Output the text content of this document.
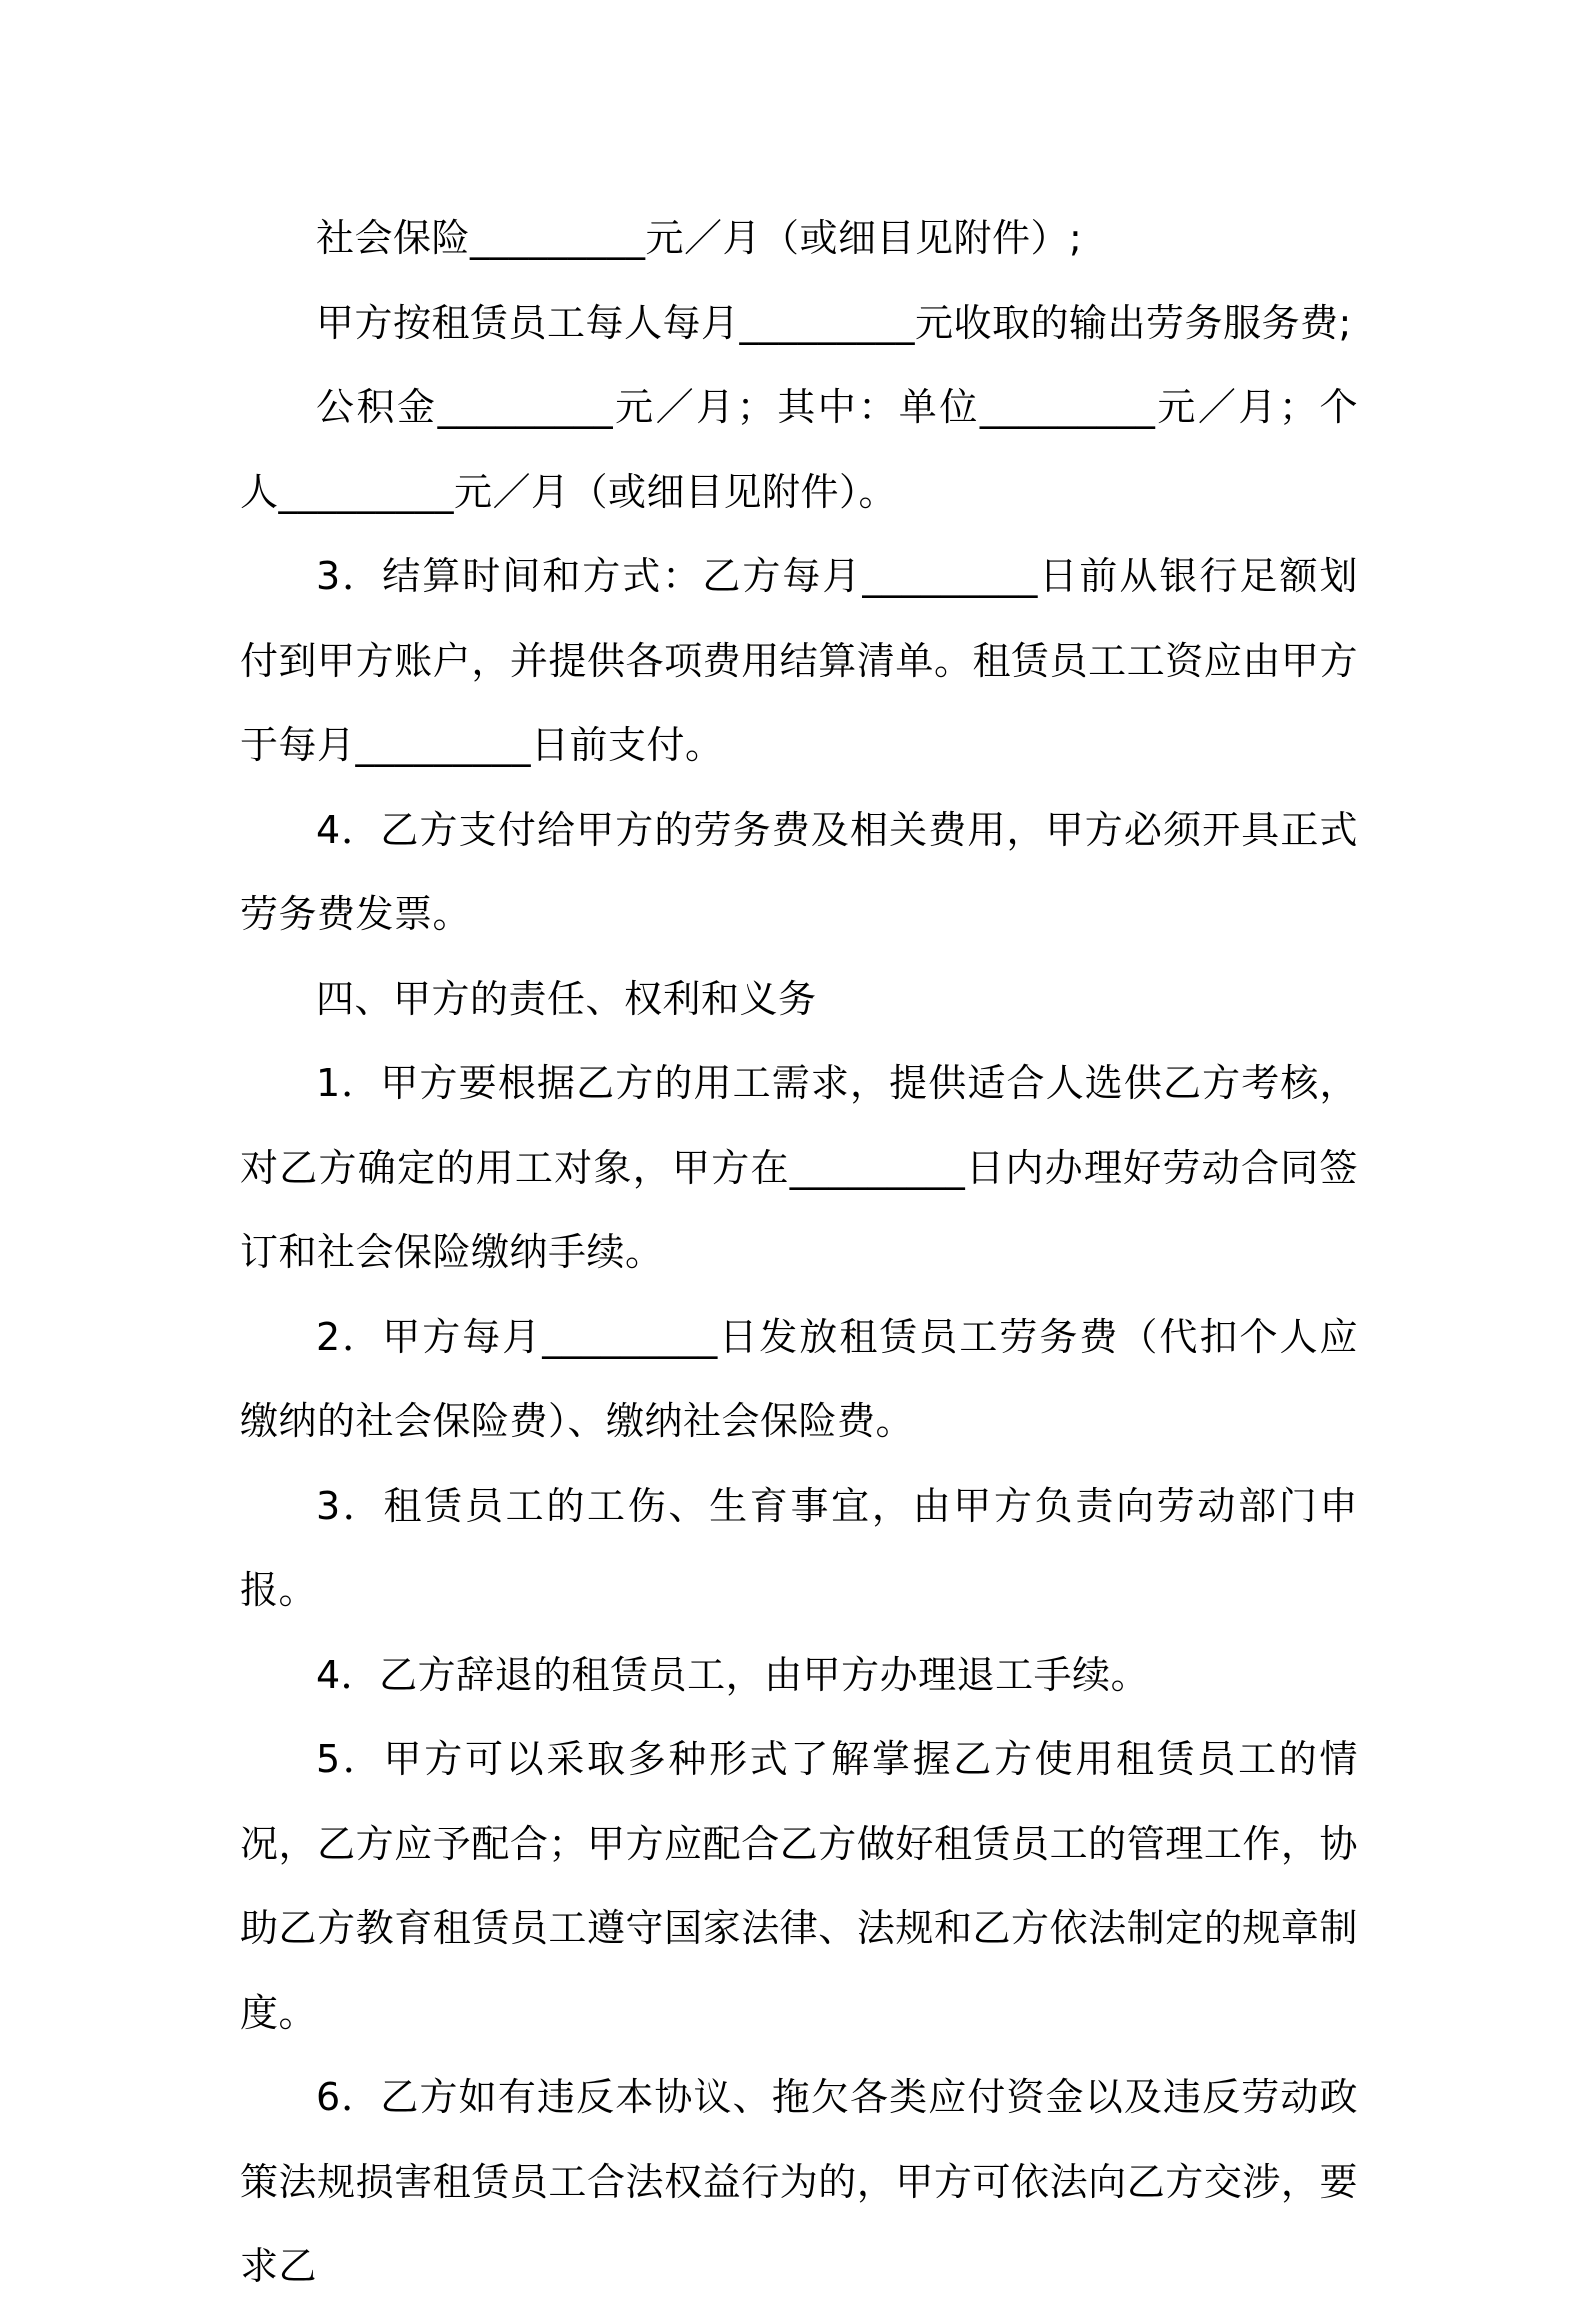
社会保险_________元／月（或细目见附件）;

甲方按租赁员工每人每月_________元收取的输出劳务服务费;

公积金_________元／月；其中：单位_________元／月；个人_________元／月（或细目见附件）。

3．结算时间和方式：乙方每月_________日前从银行足额划付到甲方账户，并提供各项费用结算清单。租赁员工工资应由甲方于每月_________日前支付。

4．乙方支付给甲方的劳务费及相关费用，甲方必须开具正式劳务费发票。

四、甲方的责任、权利和义务

1．甲方要根据乙方的用工需求，提供适合人选供乙方考核，对乙方确定的用工对象，甲方在_________日内办理好劳动合同签订和社会保险缴纳手续。

2．甲方每月_________日发放租赁员工劳务费（代扣个人应缴纳的社会保险费）、缴纳社会保险费。

3．租赁员工的工伤、生育事宜，由甲方负责向劳动部门申报。

4．乙方辞退的租赁员工，由甲方办理退工手续。

5．甲方可以采取多种形式了解掌握乙方使用租赁员工的情况，乙方应予配合；甲方应配合乙方做好租赁员工的管理工作，协助乙方教育租赁员工遵守国家法律、法规和乙方依法制定的规章制度。

6．乙方如有违反本协议、拖欠各类应付资金以及违反劳动政策法规损害租赁员工合法权益行为的，甲方可依法向乙方交涉，要求乙
